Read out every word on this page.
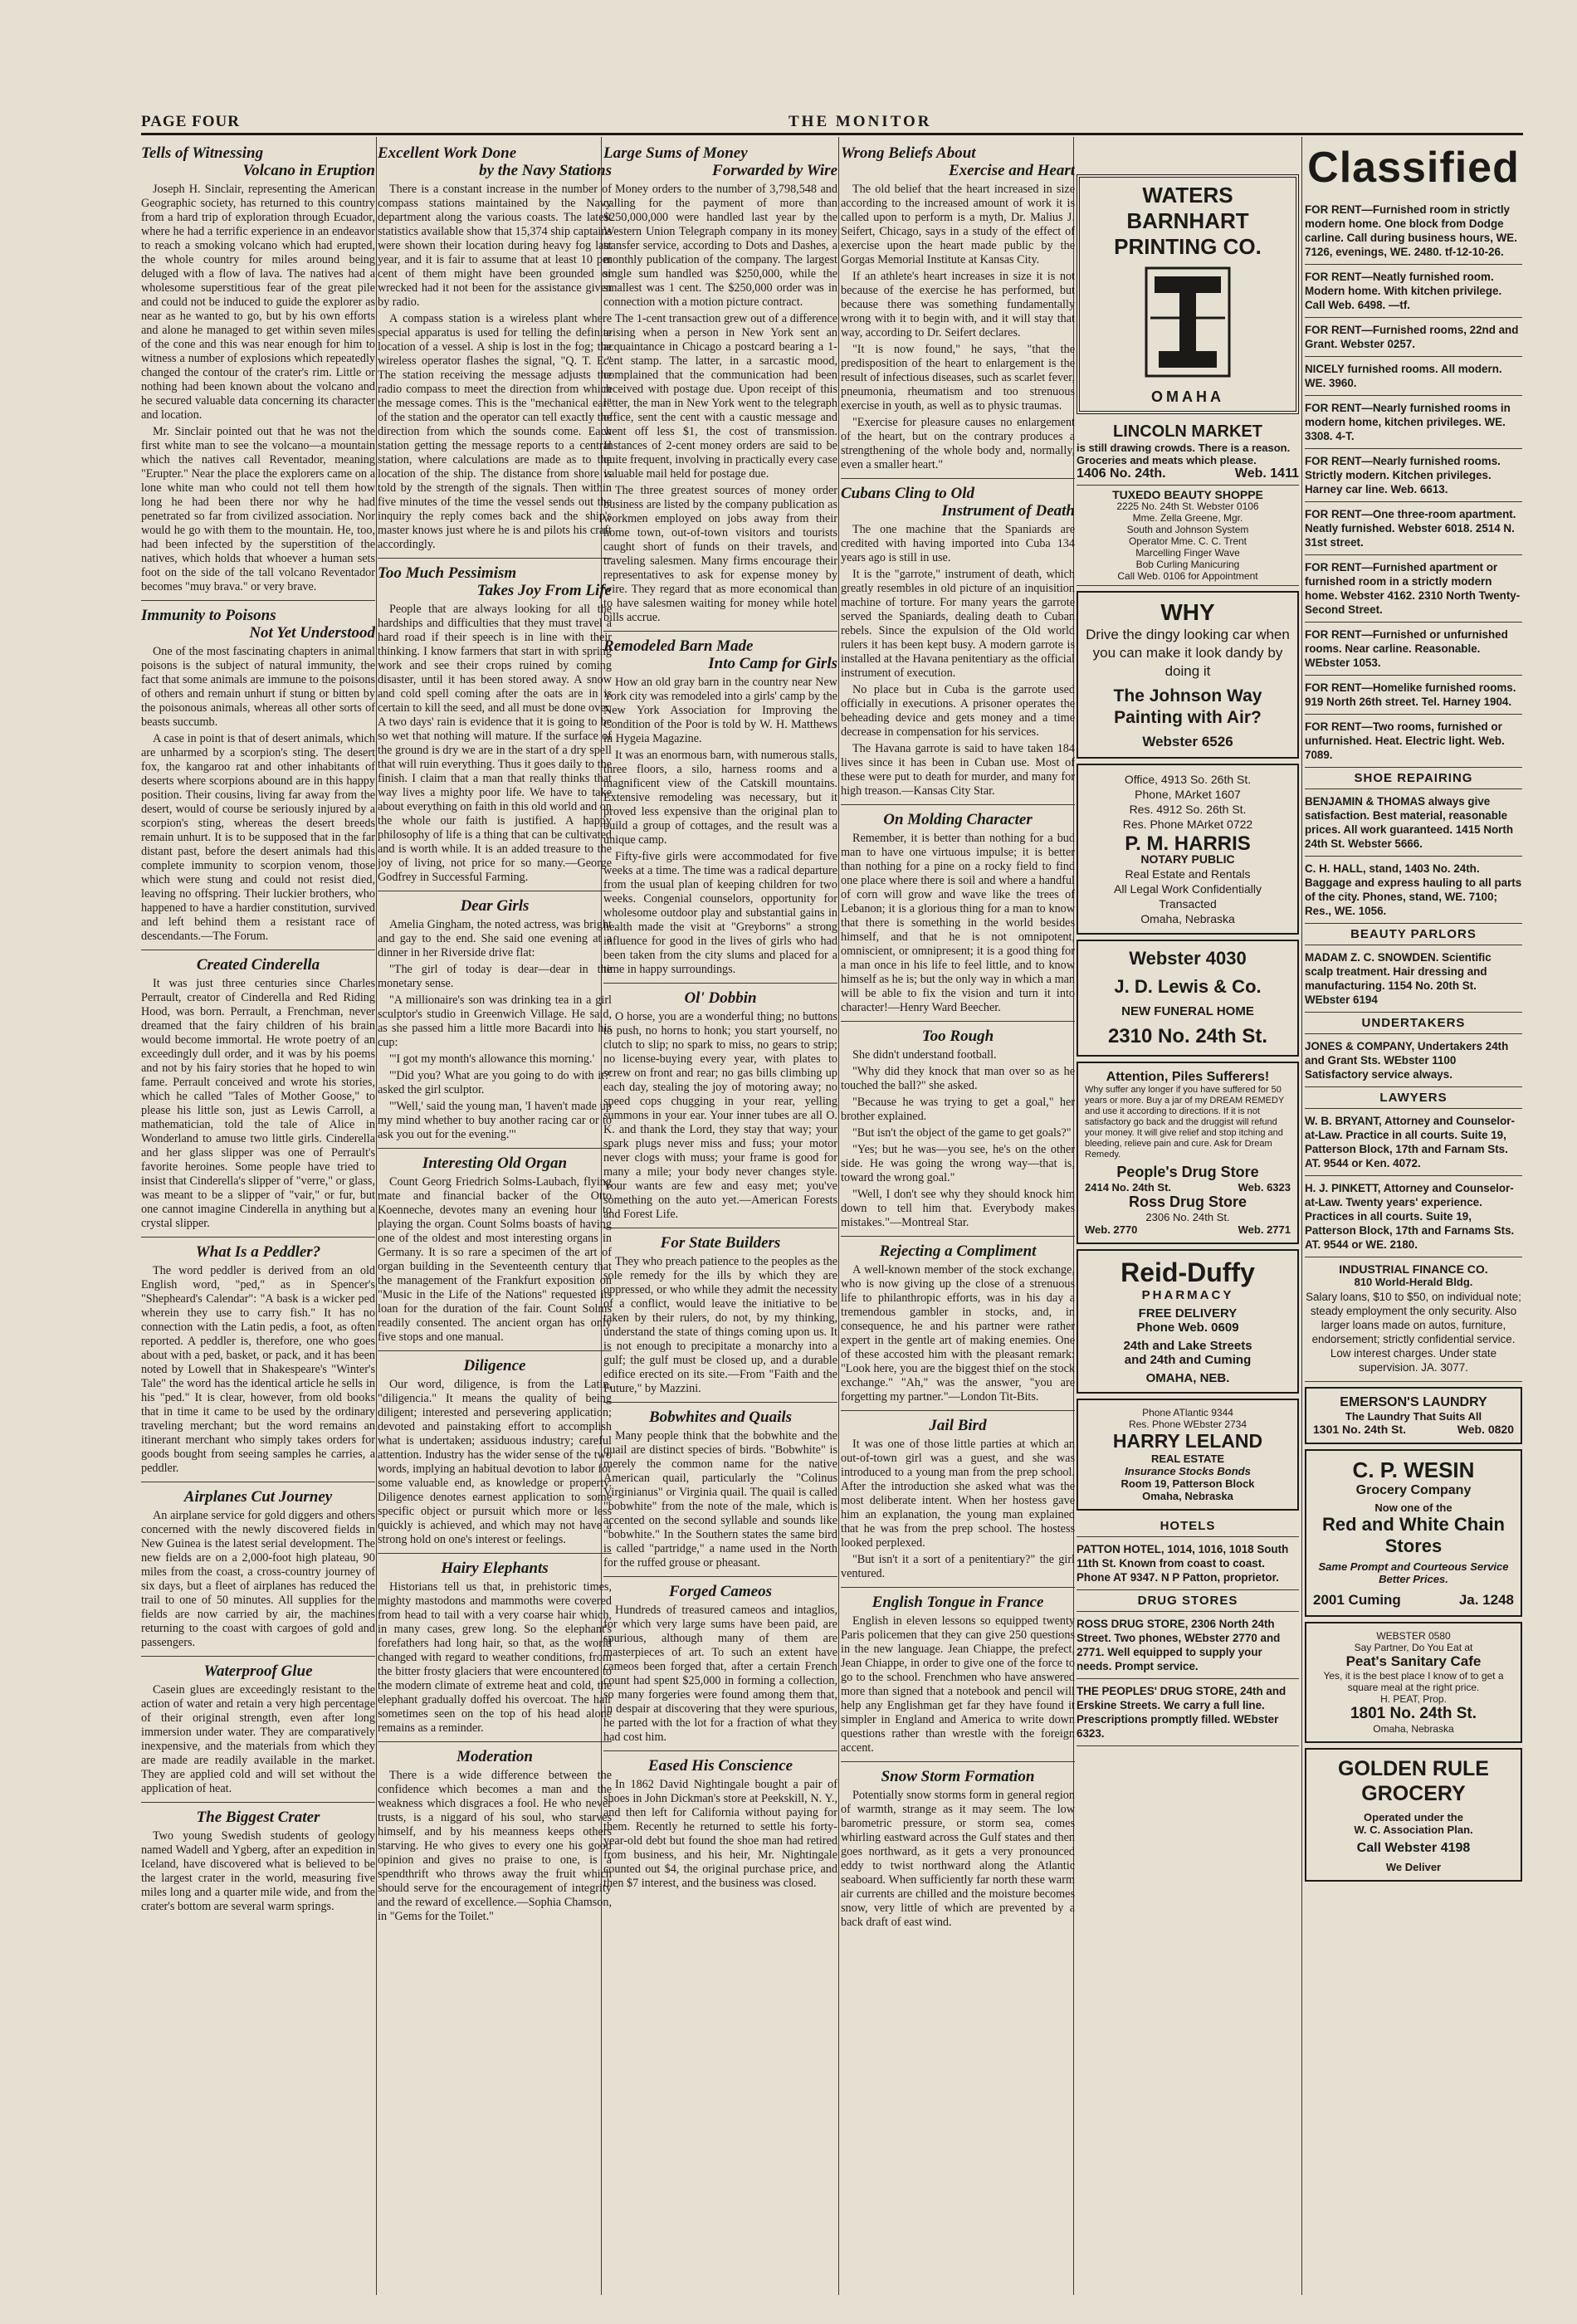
PAGE FOUR	THE MONITOR
Tells of Witnessing
Volcano in Eruption

Joseph H. Sinclair, representing the American Geographic society, has returned to this country from a hard trip of exploration through Ecuador, where he had a terrific experience in an endeavor to reach a smoking volcano which had erupted, the whole country for miles around being deluged with a flow of lava. The natives had a wholesome superstitious fear of the great pile and could not be induced to guide the explorer as near as he wanted to go, but by his own efforts and alone he managed to get within seven miles of the cone and this was near enough for him to witness a number of explosions which repeatedly changed the contour of the crater's rim. Little or nothing had been known about the volcano and he secured valuable data concerning its character and location.

Mr. Sinclair pointed out that he was not the first white man to see the volcano—a mountain which the natives call Reventador, meaning "Erupter." Near the place the explorers came on a lone white man who could not tell them how long he had been there nor why he had penetrated so far from civilized association. Nor would he go with them to the mountain. He, too, had been infected by the superstition of the natives, which holds that whoever a human sets foot on the side of the tall volcano Reventador becomes "muy brava." or very brave.

Immunity to Poisons
Not Yet Understood

One of the most fascinating chapters in animal poisons is the subject of natural immunity, the fact that some animals are immune to the poisons of others and remain unhurt if stung or bitten by the poisonous animals, whereas all other sorts of beasts succumb.

A case in point is that of desert animals, which are unharmed by a scorpion's sting. The desert fox, the kangaroo rat and other inhabitants of deserts where scorpions abound are in this happy position. Their cousins, living far away from the desert, would of course be seriously injured by a scorpion's sting, whereas the desert breeds remain unhurt. It is to be supposed that in the far distant past, before the desert animals had this complete immunity to scorpion venom, those which were stung and could not resist died, leaving no offspring. Their luckier brothers, who happened to have a hardier constitution, survived and left behind them a resistant race of descendants.—The Forum.

Created Cinderella

It was just three centuries since Charles Perrault, creator of Cinderella and Red Riding Hood, was born. Perrault, a Frenchman, never dreamed that the fairy children of his brain would become immortal. He wrote poetry of an exceedingly dull order, and it was by his poems and not by his fairy stories that he hoped to win fame. Perrault conceived and wrote his stories, which he called "Tales of Mother Goose," to please his little son, just as Lewis Carroll, a mathematician, told the tale of Alice in Wonderland to amuse two little girls. Cinderella and her glass slipper was one of Perrault's favorite heroines. Some people have tried to insist that Cinderella's slipper of "verre," or glass, was meant to be a slipper of "vair," or fur, but one cannot imagine Cinderella in anything but a crystal slipper.

What Is a Peddler?

The word peddler is derived from an old English word, "ped," as in Spencer's "Shepheard's Calendar": "A bask is a wicker ped wherein they use to carry fish." It has no connection with the Latin pedis, a foot, as often reported. A peddler is, therefore, one who goes about with a ped, basket, or pack, and it has been noted by Lowell that in Shakespeare's "Winter's Tale" the word has the identical article he sells in his "ped." It is clear, however, from old books that in time it came to be used by the ordinary traveling merchant; but the word remains an itinerant merchant who simply takes orders for goods bought from seeing samples he carries, a peddler.

Airplanes Cut Journey

An airplane service for gold diggers and others concerned with the newly discovered fields in New Guinea is the latest serial development. The new fields are on a 2,000-foot high plateau, 90 miles from the coast, a cross-country journey of six days, but a fleet of airplanes has reduced the trail to one of 50 minutes. All supplies for the fields are now carried by air, the machines returning to the coast with cargoes of gold and passengers.

Waterproof Glue

Casein glues are exceedingly resistant to the action of water and retain a very high percentage of their original strength, even after long immersion under water. They are comparatively inexpensive, and the materials from which they are made are readily available in the market. They are applied cold and will set without the application of heat.

The Biggest Crater

Two young Swedish students of geology named Wadell and Ygberg, after an expedition in Iceland, have discovered what is believed to be the largest crater in the world, measuring five miles long and a quarter mile wide, and from the crater's bottom are several warm springs.

Excellent Work Done
by the Navy Stations

There is a constant increase in the number of compass stations maintained by the Navy department along the various coasts. The latest statistics available show that 15,374 ship captains were shown their location during heavy fog last year, and it is fair to assume that at least 10 per cent of them might have been grounded or wrecked had it not been for the assistance given by radio.

A compass station is a wireless plant where special apparatus is used for telling the definite location of a vessel. A ship is lost in the fog; the wireless operator flashes the signal, "Q. T. E." The station receiving the message adjusts the radio compass to meet the direction from which the message comes. This is the "mechanical ear" of the station and the operator can tell exactly the direction from which the sounds come. Each station getting the message reports to a central station, where calculations are made as to the location of the ship. The distance from shore is told by the strength of the signals. Then within five minutes of the time the vessel sends out the inquiry the reply comes back and the ship's master knows just where he is and pilots his craft accordingly.

Too Much Pessimism
Takes Joy From Life

People that are always looking for all the hardships and difficulties that they must travel a hard road if their speech is in line with their thinking. I know farmers that start in with spring work and see their crops ruined by coming disaster, until it has been stored away. A snow and cold spell coming after the oats are in is certain to kill the seed, and all must be done over. A two days' rain is evidence that it is going to be so wet that nothing will mature. If the surface of the ground is dry we are in the start of a dry spell that will ruin everything. Thus it goes daily to the finish. I claim that a man that really thinks that way lives a mighty poor life. We have to take about everything on faith in this old world and on the whole our faith is justified. A happy philosophy of life is a thing that can be cultivated and is worth while. It is an added treasure to the joy of living, not price for so many.—George Godfrey in Successful Farming.

Dear Girls

Amelia Gingham, the noted actress, was bright and gay to the end. She said one evening at a dinner in her Riverside drive flat:

"The girl of today is dear—dear in the monetary sense.

"A millionaire's son was drinking tea in a girl sculptor's studio in Greenwich Village. He said, as she passed him a little more Bacardi into his cup:

"'I got my month's allowance this morning.'

"'Did you? What are you going to do with it?' asked the girl sculptor.

"'Well,' said the young man, 'I haven't made up my mind whether to buy another racing car or to ask you out for the evening.'"

Interesting Old Organ

Count Georg Friedrich Solms-Laubach, flying mate and financial backer of the Otto Koenneche, devotes many an evening hour to playing the organ. Count Solms boasts of having one of the oldest and most interesting organs in Germany. It is so rare a specimen of the art of organ building in the Seventeenth century that the management of the Frankfurt exposition on "Music in the Life of the Nations" requested its loan for the duration of the fair. Count Solms readily consented. The ancient organ has only five stops and one manual.

Diligence

Our word, diligence, is from the Latin, "diligencia." It means the quality of being diligent; interested and persevering application; devoted and painstaking effort to accomplish what is undertaken; assiduous industry; careful attention. Industry has the wider sense of the two words, implying an habitual devotion to labor for some valuable end, as knowledge or property. Diligence denotes earnest application to some specific object or pursuit which more or less quickly is achieved, and which may not have a strong hold on one's interest or feelings.

Hairy Elephants

Historians tell us that, in prehistoric times, mighty mastodons and mammoths were covered from head to tail with a very coarse hair which, in many cases, grew long. So the elephant's forefathers had long hair, so that, as the world changed with regard to weather conditions, from the bitter frosty glaciers that were encountered to the modern climate of extreme heat and cold, the elephant gradually doffed his overcoat. The hair sometimes seen on the top of his head alone remains as a reminder.

Moderation

There is a wide difference between the confidence which becomes a man and the weakness which disgraces a fool. He who never trusts, is a niggard of his soul, who starves himself, and by his meanness keeps others starving. He who gives to every one his good opinion and gives no praise to one, is a spendthrift who throws away the fruit which should serve for the encouragement of integrity and the reward of excellence.—Sophia Chamson, in "Gems for the Toilet."

Large Sums of Money
Forwarded by Wire

Money orders to the number of 3,798,548 and calling for the payment of more than $250,000,000 were handled last year by the Western Union Telegraph company in its money transfer service, according to Dots and Dashes, a monthly publication of the company. The largest single sum handled was $250,000, while the smallest was 1 cent. The $250,000 order was in connection with a motion picture contract.

The 1-cent transaction grew out of a difference arising when a person in New York sent an acquaintance in Chicago a postcard bearing a 1-cent stamp. The latter, in a sarcastic mood, complained that the communication had been received with postage due. Upon receipt of this letter, the man in New York went to the telegraph office, sent the cent with a caustic message and went off less $1, the cost of transmission. Instances of 2-cent money orders are said to be quite frequent, involving in practically every case valuable mail held for postage due.

The three greatest sources of money order business are listed by the company publication as workmen employed on jobs away from their home town, out-of-town visitors and tourists caught short of funds on their travels, and traveling salesmen. Many firms encourage their representatives to ask for expense money by wire. They regard that as more economical than to have salesmen waiting for money while hotel bills accrue.

Remodeled Barn Made
Into Camp for Girls

How an old gray barn in the country near New York city was remodeled into a girls' camp by the New York Association for Improving the Condition of the Poor is told by W. H. Matthews in Hygeia Magazine.

It was an enormous barn, with numerous stalls, three floors, a silo, harness rooms and a magnificent view of the Catskill mountains. Extensive remodeling was necessary, but it proved less expensive than the original plan to build a group of cottages, and the result was a unique camp.

Fifty-five girls were accommodated for five weeks at a time. The time was a radical departure from the usual plan of keeping children for two weeks. Congenial counselors, opportunity for wholesome outdoor play and substantial gains in health made the visit at "Greyborns" a strong influence for good in the lives of girls who had been taken from the city slums and placed for a time in happy surroundings.

Ol' Dobbin

O horse, you are a wonderful thing; no buttons to push, no horns to honk; you start yourself, no clutch to slip; no spark to miss, no gears to strip; no license-buying every year, with plates to screw on front and rear; no gas bills climbing up each day, stealing the joy of motoring away; no speed cops chugging in your rear, yelling summons in your ear. Your inner tubes are all O. K. and thank the Lord, they stay that way; your spark plugs never miss and fuss; your motor never clogs with muss; your frame is good for many a mile; your body never changes style. Your wants are few and easy met; you've something on the auto yet.—American Forests and Forest Life.

For State Builders

They who preach patience to the peoples as the sole remedy for the ills by which they are oppressed, or who while they admit the necessity of a conflict, would leave the initiative to be taken by their rulers, do not, by my thinking, understand the state of things coming upon us. It is not enough to precipitate a monarchy into a gulf; the gulf must be closed up, and a durable edifice erected on its site.—From "Faith and the Future," by Mazzini.

Bobwhites and Quails

Many people think that the bobwhite and the quail are distinct species of birds. "Bobwhite" is merely the common name for the native American quail, particularly the "Colinus Virginianus" or Virginia quail. The quail is called "bobwhite" from the note of the male, which is accented on the second syllable and sounds like "bobwhite." In the Southern states the same bird is called "partridge," a name used in the North for the ruffed grouse or pheasant.

Forged Cameos

Hundreds of treasured cameos and intaglios, for which very large sums have been paid, are spurious, although many of them are masterpieces of art. To such an extent have cameos been forged that, after a certain French count had spent $25,000 in forming a collection, so many forgeries were found among them that, in despair at discovering that they were spurious, he parted with the lot for a fraction of what they had cost him.

Eased His Conscience

In 1862 David Nightingale bought a pair of shoes in John Dickman's store at Peekskill, N. Y., and then left for California without paying for them. Recently he returned to settle his forty-year-old debt but found the shoe man had retired from business, and his heir, Mr. Nightingale counted out $4, the original purchase price, and then $7 interest, and the business was closed.

Wrong Beliefs About
Exercise and Heart

The old belief that the heart increased in size according to the increased amount of work it is called upon to perform is a myth, Dr. Malius J. Seifert, Chicago, says in a study of the effect of exercise upon the heart made public by the Gorgas Memorial Institute at Kansas City.

If an athlete's heart increases in size it is not because of the exercise he has performed, but because there was something fundamentally wrong with it to begin with, and it will stay that way, according to Dr. Seifert declares.

"It is now found," he says, "that the predisposition of the heart to enlargement is the result of infectious diseases, such as scarlet fever, pneumonia, rheumatism and too strenuous exercise in youth, as well as to physic traumas.

"Exercise for pleasure causes no enlargement of the heart, but on the contrary produces a strengthening of the whole body and, normally, even a smaller heart."

Cubans Cling to Old
Instrument of Death

The one machine that the Spaniards are credited with having imported into Cuba 134 years ago is still in use.

It is the "garrote," instrument of death, which greatly resembles in old picture of an inquisition machine of torture. For many years the garrote served the Spaniards, dealing death to Cuban rebels. Since the expulsion of the Old world rulers it has been kept busy. A modern garrote is installed at the Havana penitentiary as the official instrument of execution.

No place but in Cuba is the garrote used officially in executions. A prisoner operates the beheading device and gets money and a time decrease in compensation for his services.

The Havana garrote is said to have taken 184 lives since it has been in Cuban use. Most of these were put to death for murder, and many for high treason.—Kansas City Star.

On Molding Character

Remember, it is better than nothing for a bud man to have one virtuous impulse; it is better than nothing for a pine on a rocky field to find one place where there is soil and where a handful of corn will grow and wave like the trees of Lebanon; it is a glorious thing for a man to know that there is something in the world besides himself, and that he is not omnipotent, omniscient, or omnipresent; it is a good thing for a man once in his life to feel little, and to know himself as he is; but the only way in which a man will be able to fix the vision and turn it into character!—Henry Ward Beecher.

Too Rough

She didn't understand football.

"Why did they knock that man over so as he touched the ball?" she asked.

"Because he was trying to get a goal," her brother explained.

"But isn't the object of the game to get goals?"

"Yes; but he was—you see, he's on the other side. He was going the wrong way—that is, toward the wrong goal."

"Well, I don't see why they should knock him down to tell him that. Everybody makes mistakes."—Montreal Star.

Rejecting a Compliment

A well-known member of the stock exchange, who is now giving up the close of a strenuous life to philanthropic efforts, was in his day a tremendous gambler in stocks, and, in consequence, he and his partner were rather expert in the gentle art of making enemies. One of these accosted him with the pleasant remark: "Look here, you are the biggest thief on the stock exchange." "Ah," was the answer, "you are forgetting my partner."—London Tit-Bits.

Jail Bird

It was one of those little parties at which an out-of-town girl was a guest, and she was introduced to a young man from the prep school. After the introduction she asked what was the most deliberate intent. When her hostess gave him an explanation, the young man explained that he was from the prep school. The hostess looked perplexed.

"But isn't it a sort of a penitentiary?" the girl ventured.

English Tongue in France

English in eleven lessons so equipped twenty Paris policemen that they can give 250 questions in the new language. Jean Chiappe, the prefect, Jean Chiappe, in order to give one of the force to go to the school. Frenchmen who have answered more than signed that a notebook and pencil will help any Englishman get far they have found it simpler in England and America to write down questions rather than wrestle with the foreign accent.

Snow Storm Formation

Potentially snow storms form in general region of warmth, strange as it may seem. The low barometric pressure, or storm sea, comes whirling eastward across the Gulf states and then goes northward, as it gets a very pronounced eddy to twist northward along the Atlantic seaboard. When sufficiently far north these warm air currents are chilled and the moisture becomes snow, very little of which are prevented by a back draft of east wind.

WATERS
BARNHART
PRINTING CO.
OMAHA
LINCOLN MARKET
is still drawing crowds. There is a reason. Groceries and meats which please.
1406 No. 24th.	Web. 1411
TUXEDO BEAUTY SHOPPE
2225 No. 24th St. Webster 0106
Mme. Zella Greene, Mgr.
South and Johnson System
Operator Mme. C. C. Trent
Marcelling Finger Wave
Bob Curling Manicuring
Call Web. 0106 for Appointment
WHY
Drive the dingy looking car when you can make it look dandy by doing it
The Johnson Way Painting with Air?
Webster 6526
Office, 4913 So. 26th St.
Phone, MArket 1607
Res. 4912 So. 26th St.
Res. Phone MArket 0722
P. M. HARRIS
NOTARY PUBLIC
Real Estate and Rentals
All Legal Work Confidentially Transacted
Omaha, Nebraska
Webster 4030
J. D. Lewis & Co.
NEW FUNERAL HOME
2310 No. 24th St.
Attention, Piles Sufferers!
Why suffer any longer if you have suffered for 50 years or more. Buy a jar of my DREAM REMEDY and use it according to directions. If it is not satisfactory go back and the druggist will refund your money. It will give relief and stop itching and bleeding, relieve pain and cure. Ask for Dream Remedy.
People's Drug Store
2414 No. 24th St.	Web. 6323
Ross Drug Store
2306 No. 24th St.
Web. 2770	Web. 2771
Reid-Duffy
PHARMACY
FREE DELIVERY
Phone Web. 0609
24th and Lake Streets
and 24th and Cuming
OMAHA, NEB.
Phone ATlantic 9344
Res. Phone WEbster 2734
HARRY LELAND
REAL ESTATE
Insurance Stocks Bonds
Room 19, Patterson Block
Omaha, Nebraska
HOTELS
PATTON HOTEL, 1014, 1016, 1018 South 11th St. Known from coast to coast. Phone AT 9347. N P Patton, proprietor.
DRUG STORES
ROSS DRUG STORE, 2306 North 24th Street. Two phones, WEbster 2770 and 2771. Well equipped to supply your needs. Prompt service.
THE PEOPLES' DRUG STORE, 24th and Erskine Streets. We carry a full line. Prescriptions promptly filled. WEbster 6323.
Classified
FOR RENT—Furnished room in strictly modern home. One block from Dodge carline. Call during business hours, WE. 7126, evenings, WE. 2480. tf-12-10-26.
FOR RENT—Neatly furnished room. Modern home. With kitchen privilege. Call Web. 6498. —tf.
FOR RENT—Furnished rooms, 22nd and Grant. Webster 0257.
NICELY furnished rooms. All modern. WE. 3960.
FOR RENT—Nearly furnished rooms in modern home, kitchen privileges. WE. 3308. 4-T.
FOR RENT—Nearly furnished rooms. Strictly modern. Kitchen privileges. Harney car line. Web. 6613.
FOR RENT—One three-room apartment. Neatly furnished. Webster 6018. 2514 N. 31st street.
FOR RENT—Furnished apartment or furnished room in a strictly modern home. Webster 4162. 2310 North Twenty-Second Street.
FOR RENT—Furnished or unfurnished rooms. Near carline. Reasonable. WEbster 1053.
FOR RENT—Homelike furnished rooms. 919 North 26th street. Tel. Harney 1904.
FOR RENT—Two rooms, furnished or unfurnished. Heat. Electric light. Web. 7089.
SHOE REPAIRING
BENJAMIN & THOMAS always give satisfaction. Best material, reasonable prices. All work guaranteed. 1415 North 24th St. Webster 5666.
C. H. HALL, stand, 1403 No. 24th. Baggage and express hauling to all parts of the city. Phones, stand, WE. 7100; Res., WE. 1056.
BEAUTY PARLORS
MADAM Z. C. SNOWDEN. Scientific scalp treatment. Hair dressing and manufacturing. 1154 No. 20th St. WEbster 6194
UNDERTAKERS
JONES & COMPANY, Undertakers 24th and Grant Sts. WEbster 1100 Satisfactory service always.
LAWYERS
W. B. BRYANT, Attorney and Counselor-at-Law. Practice in all courts. Suite 19, Patterson Block, 17th and Farnam Sts. AT. 9544 or Ken. 4072.
H. J. PINKETT, Attorney and Counselor-at-Law. Twenty years' experience. Practices in all courts. Suite 19, Patterson Block, 17th and Farnams Sts. AT. 9544 or WE. 2180.
INDUSTRIAL FINANCE CO.
810 World-Herald Bldg.
Salary loans, $10 to $50, on individual note; steady employment the only security. Also larger loans made on autos, furniture, endorsement; strictly confidential service. Low interest charges. Under state supervision. JA. 3077.
EMERSON'S LAUNDRY
The Laundry That Suits All
1301 No. 24th St.	Web. 0820
C. P. WESIN
Grocery Company
Now one of the
Red and White Chain Stores
Same Prompt and Courteous Service Better Prices.
2001 Cuming	Ja. 1248
WEBSTER 0580
Say Partner, Do You Eat at
Peat's Sanitary Cafe
Yes, it is the best place I know of to get a square meal at the right price.
H. PEAT, Prop.
1801 No. 24th St.
Omaha, Nebraska
GOLDEN RULE GROCERY
Operated under the
W. C. Association Plan.
Call Webster 4198
We Deliver
